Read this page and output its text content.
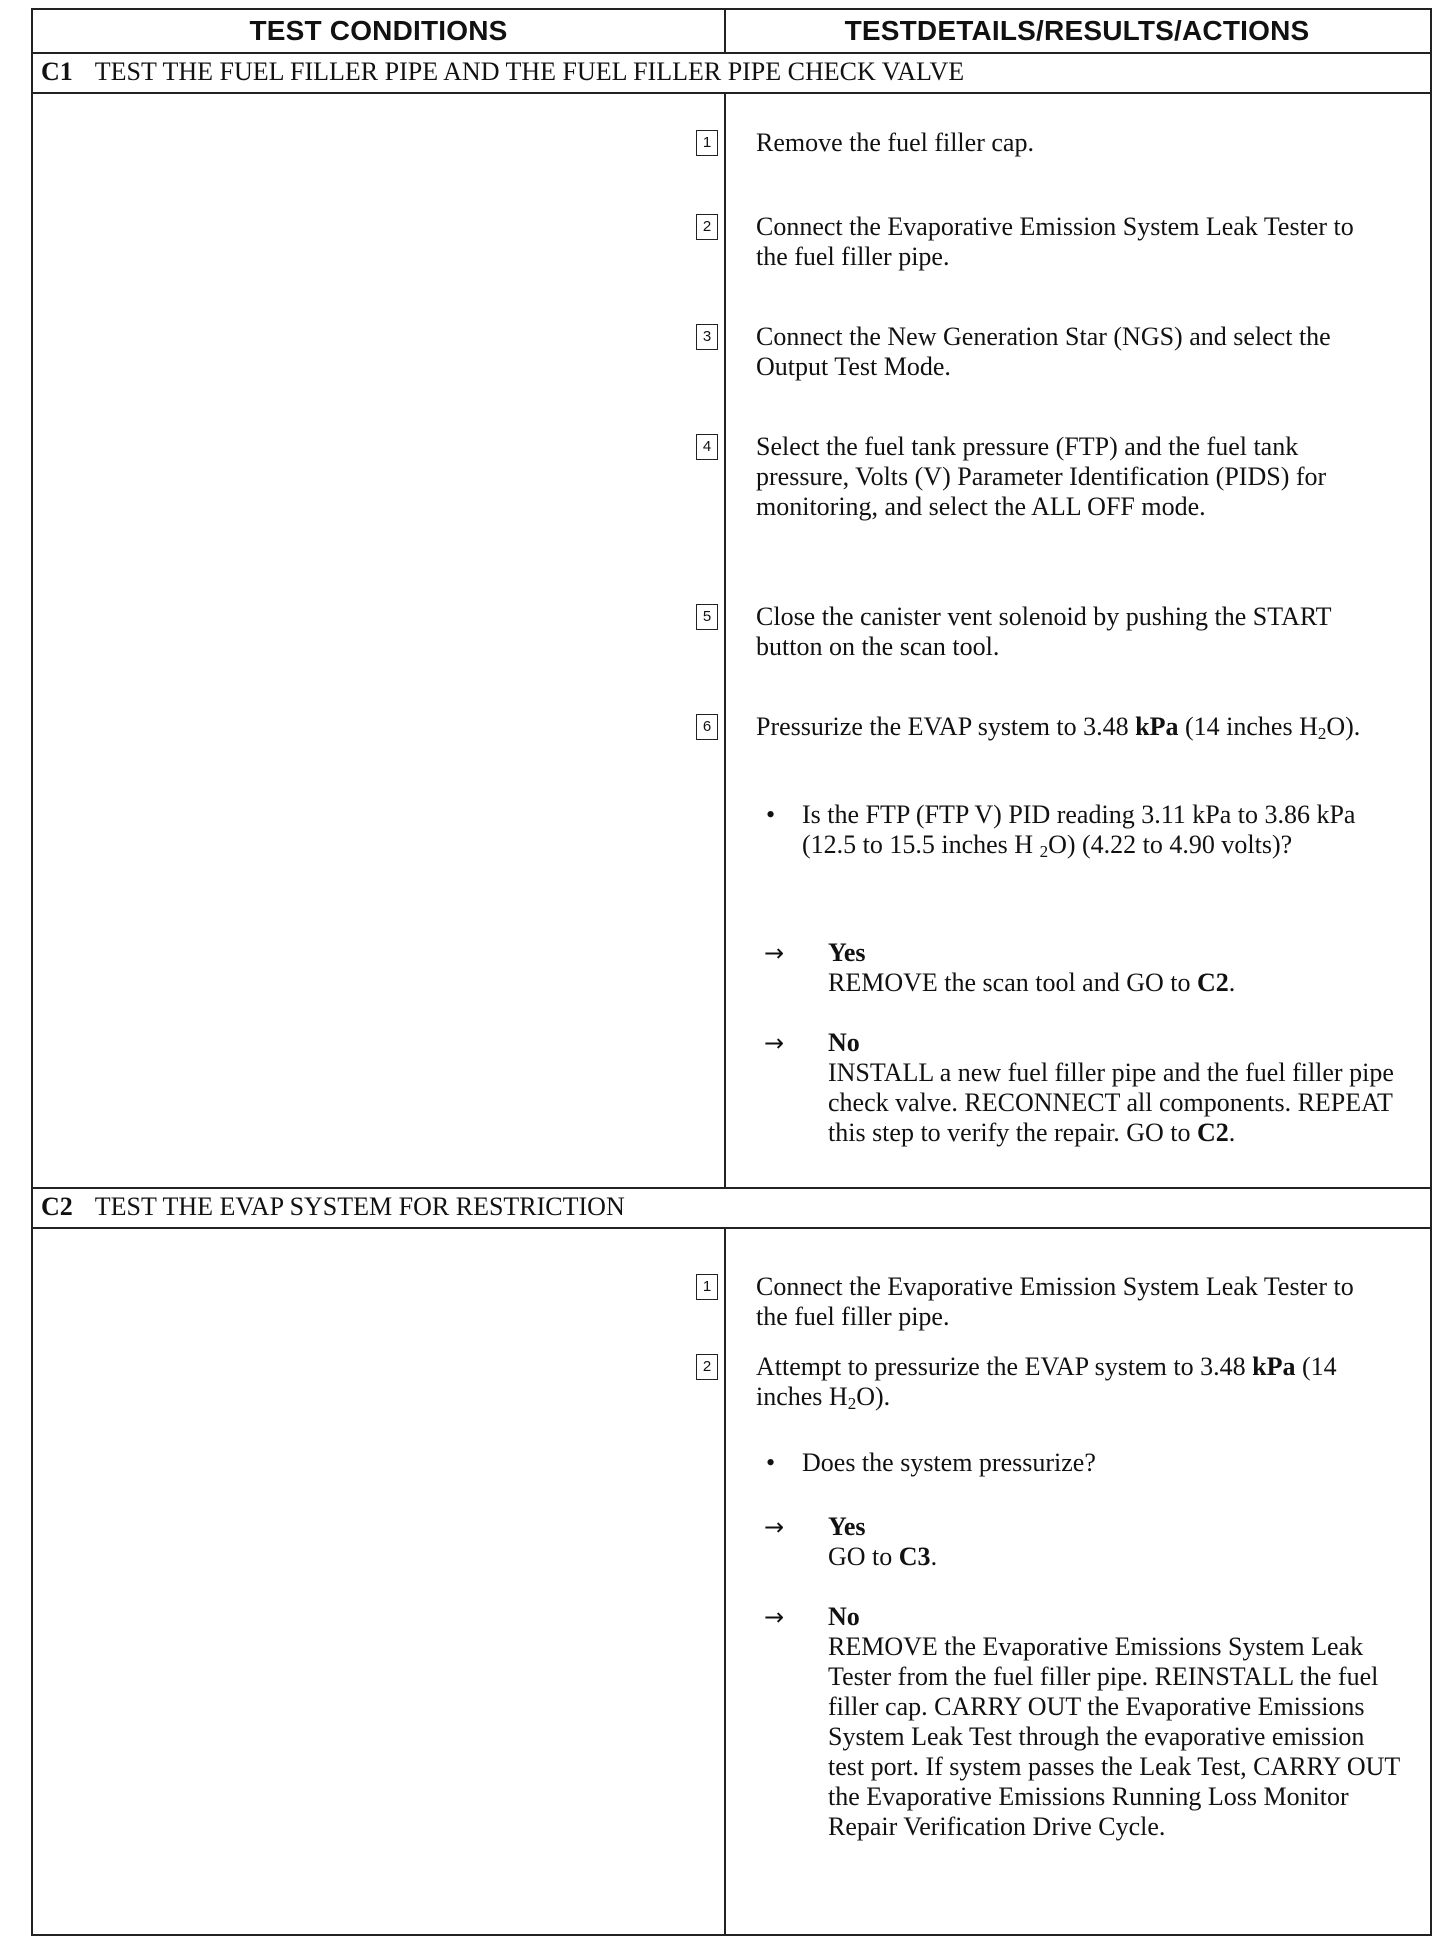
TEST CONDITIONS	TESTDETAILS/RESULTS/ACTIONS
C1 TEST THE FUEL FILLER PIPE AND THE FUEL FILLER PIPE CHECK VALVE
C2 TEST THE EVAP SYSTEM FOR RESTRICTION
1 Remove the fuel filler cap.
2 Connect the Evaporative Emission System Leak Tester to the fuel filler pipe.
3 Connect the New Generation Star (NGS) and select the Output Test Mode.
4 Select the fuel tank pressure (FTP) and the fuel tank pressure, Volts (V) Parameter Identification (PIDS) for monitoring, and select the ALL OFF mode.
5 Close the canister vent solenoid by pushing the START button on the scan tool.
6 Pressurize the EVAP system to 3.48 kPa (14 inches $H_2O$).
• Is the FTP (FTP V) PID reading 3.11 kPa to 3.86 kPa (12.5 to 15.5 inches H $_2$O) (4.22 to 4.90 volts)?
→ Yes
REMOVE the scan tool and GO to C2.
→ No
INSTALL a new fuel filler pipe and the fuel filler pipe check valve. RECONNECT all components. REPEAT this step to verify the repair. GO to C2.
1 Connect the Evaporative Emission System Leak Tester to the fuel filler pipe.
2 Attempt to pressurize the EVAP system to 3.48 kPa (14 inches $H_2O$).
• Does the system pressurize?
→ Yes
GO to C3.
→ No
REMOVE the Evaporative Emissions System Leak Tester from the fuel filler pipe. REINSTALL the fuel filler cap. CARRY OUT the Evaporative Emissions System Leak Test through the evaporative emission test port. If system passes the Leak Test, CARRY OUT the Evaporative Emissions Running Loss Monitor Repair Verification Drive Cycle.
